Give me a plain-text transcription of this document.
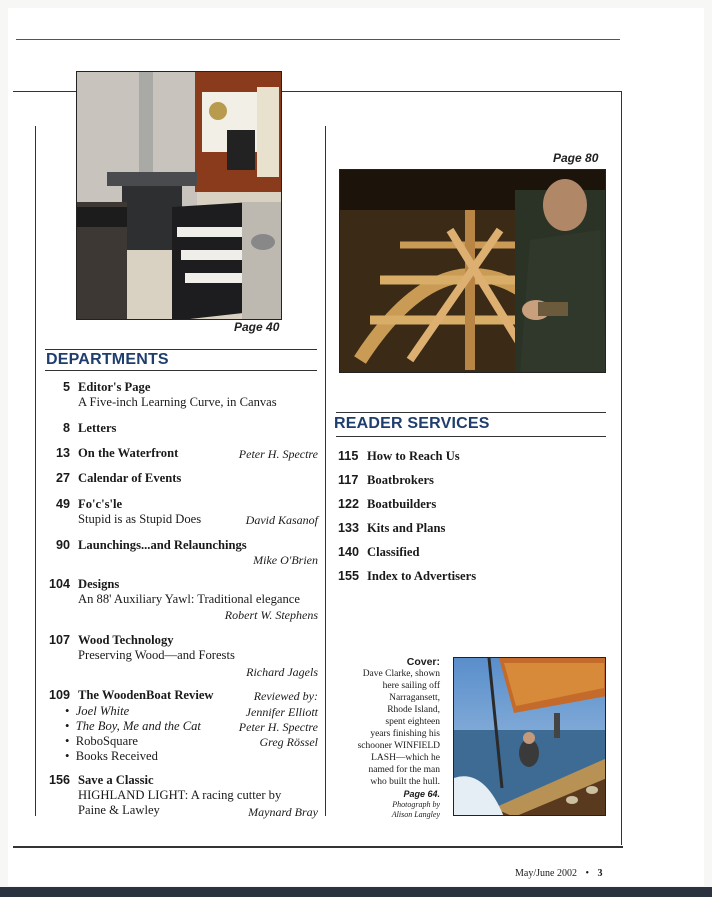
Page 40
Page 80
DEPARTMENTS
5 Editor's Page
A Five-inch Learning Curve, in Canvas
8 Letters
13 On the Waterfront	Peter H. Spectre
27 Calendar of Events
49 Fo'c's'le
Stupid is as Stupid Does	David Kasanof
90 Launchings...and Relaunchings
Mike O'Brien
104 Designs
An 88' Auxiliary Yawl: Traditional elegance
Robert W. Stephens
107 Wood Technology
Preserving Wood—and Forests
Richard Jagels
109 The WoodenBoat Review	Reviewed by:
•  Joel White	Jennifer Elliott
•  The Boy, Me and the Cat	Peter H. Spectre
•  RoboSquare	Greg Rössel
•  Books Received
156 Save a Classic
HIGHLAND LIGHT: A racing cutter by
Paine & Lawley	Maynard Bray
READER SERVICES
115 How to Reach Us
117 Boatbrokers
122 Boatbuilders
133 Kits and Plans
140 Classified
155 Index to Advertisers
Cover:
Dave Clarke, shown
here sailing off
Narragansett,
Rhode Island,
spent eighteen
years finishing his
schooner WINFIELD
LASH—which he
named for the man
who built the hull.
Page 64.
Photograph by
Alison Langley
May/June 2002 • 3
